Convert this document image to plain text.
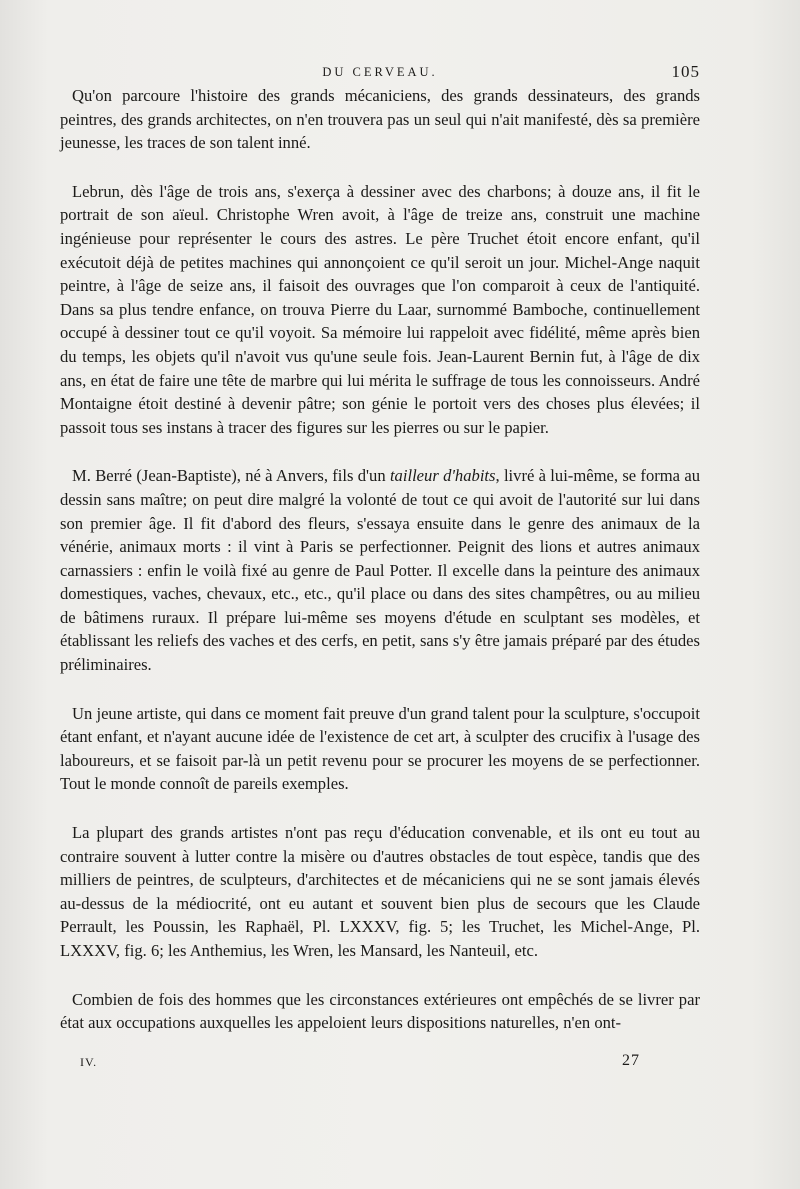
DU CERVEAU.	105

Qu'on parcoure l'histoire des grands mécaniciens, des grands dessinateurs, des grands peintres, des grands architectes, on n'en trouvera pas un seul qui n'ait manifesté, dès sa première jeunesse, les traces de son talent inné.

Lebrun, dès l'âge de trois ans, s'exerça à dessiner avec des charbons; à douze ans, il fit le portrait de son aïeul. Christophe Wren avoit, à l'âge de treize ans, construit une machine ingénieuse pour représenter le cours des astres. Le père Truchet étoit encore enfant, qu'il exécutoit déjà de petites machines qui annonçoient ce qu'il seroit un jour. Michel-Ange naquit peintre, à l'âge de seize ans, il faisoit des ouvrages que l'on comparoit à ceux de l'antiquité. Dans sa plus tendre enfance, on trouva Pierre du Laar, surnommé Bamboche, continuellement occupé à dessiner tout ce qu'il voyoit. Sa mémoire lui rappeloit avec fidélité, même après bien du temps, les objets qu'il n'avoit vus qu'une seule fois. Jean-Laurent Bernin fut, à l'âge de dix ans, en état de faire une tête de marbre qui lui mérita le suffrage de tous les connoisseurs. André Montaigne étoit destiné à devenir pâtre; son génie le portoit vers des choses plus élevées; il passoit tous ses instans à tracer des figures sur les pierres ou sur le papier.

M. Berré (Jean-Baptiste), né à Anvers, fils d'un tailleur d'habits, livré à lui-même, se forma au dessin sans maître; on peut dire malgré la volonté de tout ce qui avoit de l'autorité sur lui dans son premier âge. Il fit d'abord des fleurs, s'essaya ensuite dans le genre des animaux de la vénérie, animaux morts : il vint à Paris se perfectionner. Peignit des lions et autres animaux carnassiers : enfin le voilà fixé au genre de Paul Potter. Il excelle dans la peinture des animaux domestiques, vaches, chevaux, etc., etc., qu'il place ou dans des sites champêtres, ou au milieu de bâtimens ruraux. Il prépare lui-même ses moyens d'étude en sculptant ses modèles, et établissant les reliefs des vaches et des cerfs, en petit, sans s'y être jamais préparé par des études préliminaires.

Un jeune artiste, qui dans ce moment fait preuve d'un grand talent pour la sculpture, s'occupoit étant enfant, et n'ayant aucune idée de l'existence de cet art, à sculpter des crucifix à l'usage des laboureurs, et se faisoit par-là un petit revenu pour se procurer les moyens de se perfectionner. Tout le monde connoît de pareils exemples.

La plupart des grands artistes n'ont pas reçu d'éducation convenable, et ils ont eu tout au contraire souvent à lutter contre la misère ou d'autres obstacles de tout espèce, tandis que des milliers de peintres, de sculpteurs, d'architectes et de mécaniciens qui ne se sont jamais élevés au-dessus de la médiocrité, ont eu autant et souvent bien plus de secours que les Claude Perrault, les Poussin, les Raphaël, Pl. LXXXV, fig. 5; les Truchet, les Michel-Ange, Pl. LXXXV, fig. 6; les Anthemius, les Wren, les Mansard, les Nanteuil, etc.

Combien de fois des hommes que les circonstances extérieures ont empêchés de se livrer par état aux occupations auxquelles les appeloient leurs dispositions naturelles, n'en ont-

IV.	27
